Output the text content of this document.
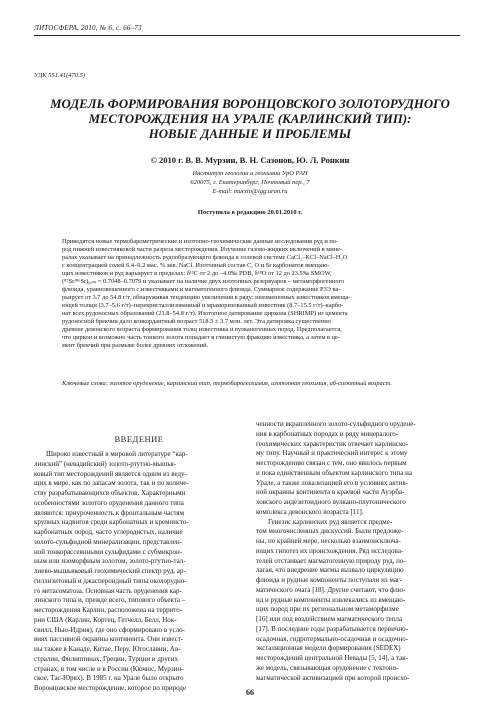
ЛИТОСФЕРА, 2010, № 6, с. 66–73
УДК 551.41(470.5)
МОДЕЛЬ ФОРМИРОВАНИЯ ВОРОНЦОВСКОГО ЗОЛОТОРУДНОГО
МЕСТОРОЖДЕНИЯ НА УРАЛЕ (КАРЛИНСКИЙ ТИП):
НОВЫЕ ДАННЫЕ И ПРОБЛЕМЫ
© 2010 г. В. В. Мурзин, В. Н. Сазонов, Ю. Л. Ронкин
Институт геологии и геохимии УрО РАН
620075, г. Екатеринбург, Почтовый пер., 7
E-mail: murzin@igg.uran.ru
Поступила в редакцию 20.01.2010 г.
Приводятся новые термобарометрические и изотопно-геохимические данные исследования руд и по-
род нижней известняковой части разреза месторождения. Изучение газово-жидких включений в мине-
ралах указывает на принадлежность рудообразующего флюида к солевой системе CaCl₂–KCl–NaCl–H₂O
с концентрацией солей 6.4–9.2 мас. % экв. NaCl. Изотопный состав C, O и Sr карбонатов вмещаю-
щих известняков и руд варьирует в пределах: δ¹³C от 2 до –4.0‰ PDB, δ¹⁸O от 12 до 23.5‰ SMOW,
(⁸⁷Sr/⁸⁶Sr)₀ₐₘ = 0.7048–0.7079 и указывает на наличие двух изотопных резервуаров – метаморфогенного
флюида, уравновешенного с известняками и магматогенного флюида. Суммарное содержание РЗЭ ва-
рьирует от 3.7 до 54.8 г/т, обнаруживая тенденцию увеличения в ряду: неизмененных известняков вмеща-
ющей толщи (3.7–5.6 г/т)–перекристаллизованный и мраморизованный известняк (8.7–15.5 г/т)–карбо-
нат всех рудоносных образований (21.8–54.8 г/т). Изотопное датирование циркона (SHRIMP) из цемента
рудоносной брекчии дало конкордантный возраст 518.5 ± 3.7 млн. лет. Эта датировка существенно
древнее девонского возраста формирования толщ известняка и вулканогенных пород. Предполагается,
что циркон и возможно часть тонкого золота попадает в глинистую фракцию известняка, а затем в це-
мент брекчий при размыве более древних отложений.
Ключевые слова: золотое оруденение, карлинский тип, термобарогеохимия, изотопная геохимия, аб-солютный возраст.
ВВЕДЕНИЕ
Широко известный в мировой литературе “кар-
линский” (невадийский) золото-ртутно-мышья-
ковый тип месторождений является одним из веду-
щих в мире, как по запасам золота, так и по количе-
ству разрабатывающихся объектов. Характерными
особенностями золотого оруденения данного типа
являются: приуроченность к фронтальным частям
крупных надвигов среди карбонатных и кремнисто-
карбонатных пород, часто углеродистых, наличие
золото-сульфидной минерализации, представлен-
ной тонкорассеянными сульфидами с субмикрон-
ным или изоморфным золотом, золото-ртутно-тал-
лиево-мышьяковый геохимический спектр руд, ар-
гиллизитовый и джаспероидный типы околорудно-
го метасоматоза. Основная часть оруденения кар-
линского типа и, прежде всего, типового объекта –
месторождения Карлин, расположена на террито-
рии США (Карлин, Кортец, Гетчелл, Белл, Нок-
свилл, Нью-Идрия), где оно сформировано в усло-
виях пассивной окраины континента. Они извест-
ны также в Канаде, Китае, Перу, Югославии, Ав-
стралии, Филиппинах, Греции, Турции и других
странах, в том числе и в России (Кючюс, Мурзин-
ское, Тас-Юрях). В 1985 г. на Урале было открыто
Воронцовское месторождение, которое по природе
ченности вкрапленного золото-сульфидного орудене-
ния в карбонатных породах и ряду минералого-
геохимических характеристик отвечает карлинско-
му типу. Научный и практический интерес к этому
месторождению связан с тем, оно явилось первым
и пока единственным объектом карлинского типа на
Урале, а также локализацией его в условиях актив-
ной окраины континента в краевой части Ауэрба-
ховского андезитоидного вулкано-плутонического
комплекса девонского возраста [11].
Генезис карлинских руд является предме-
том многочисленных дискуссий. Были предложе-
ны, по крайней мере, несколько взаимоисключа-
ющих гипотез их происхождения. Ряд исследова-
телей отстаивает магматогенную природу руд, по-
лагая, что внедрение магмы вызвало циркуляцию
флюида и рудные компоненты поступали из маг-
матического очага [18]. Другие считают, что флю-
ид и рудные компоненты извлекались из вмещаю-
щих пород при их региональном метаморфизме
[16] или под воздействием магматического тепла
[17]. В последние годы разрабатывается первично-
осадочная, гидротермально-осадочная и осадочно-
эксгаляционная модели формирования (SEDEX)
месторождений центральной Невады [5, 14], а так-
же модель, связывающая оруденение с тектоно-
магматической активизацией при которой происхо-
66
